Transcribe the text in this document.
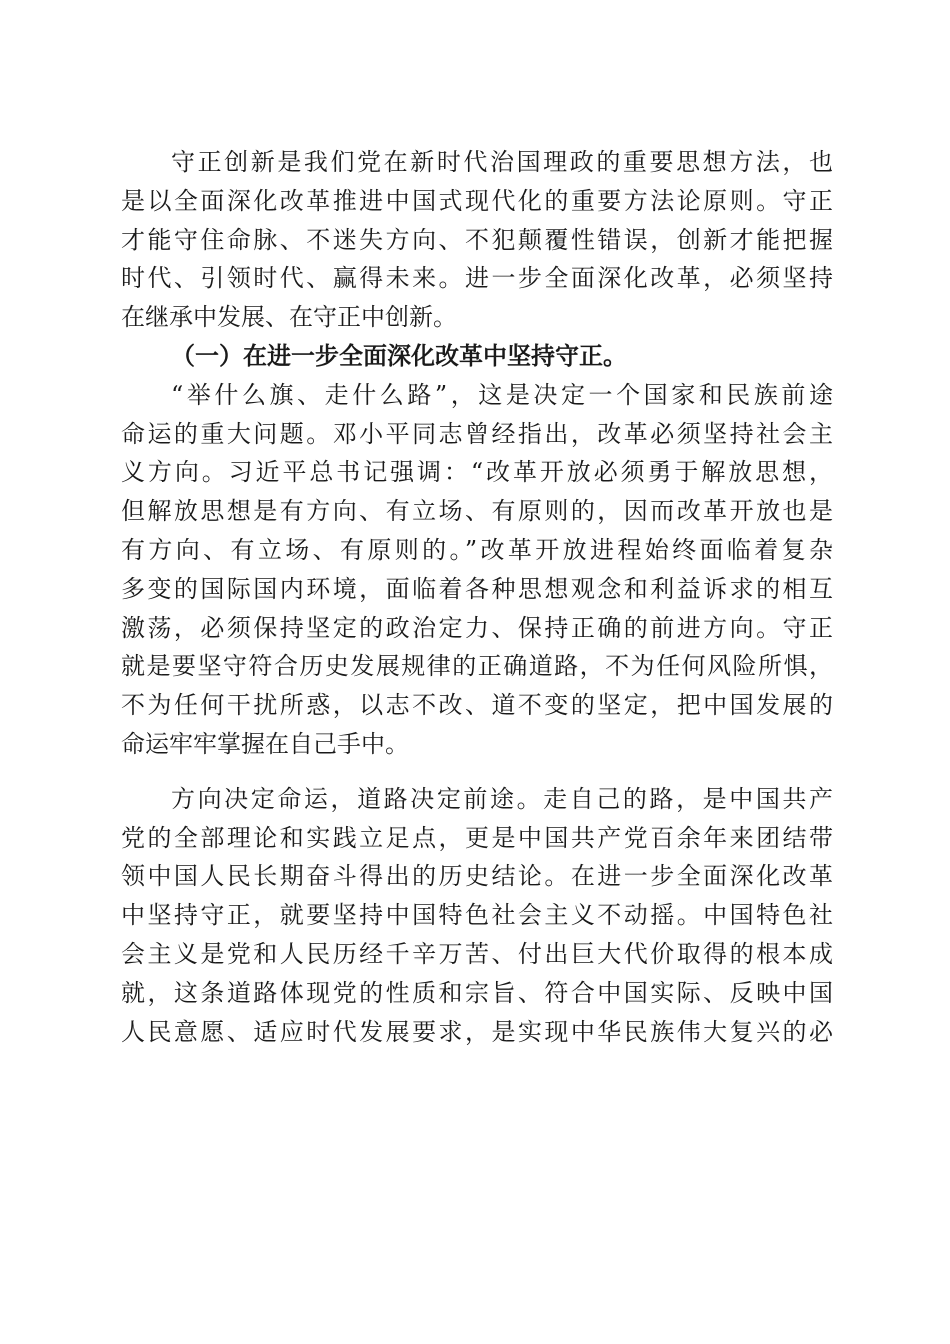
守正创新是我们党在新时代治国理政的重要思想方法，也
是以全面深化改革推进中国式现代化的重要方法论原则。守正
才能守住命脉、不迷失方向、不犯颠覆性错误，创新才能把握
时代、引领时代、赢得未来。进一步全面深化改革，必须坚持
在继承中发展、在守正中创新。
（一）在进一步全面深化改革中坚持守正。
“举什么旗、走什么路”，这是决定一个国家和民族前途
命运的重大问题。邓小平同志曾经指出，改革必须坚持社会主
义方向。习近平总书记强调：“改革开放必须勇于解放思想，
但解放思想是有方向、有立场、有原则的，因而改革开放也是
有方向、有立场、有原则的。”改革开放进程始终面临着复杂
多变的国际国内环境，面临着各种思想观念和利益诉求的相互
激荡，必须保持坚定的政治定力、保持正确的前进方向。守正
就是要坚守符合历史发展规律的正确道路，不为任何风险所惧，
不为任何干扰所惑，以志不改、道不变的坚定，把中国发展的
命运牢牢掌握在自己手中。
方向决定命运，道路决定前途。走自己的路，是中国共产
党的全部理论和实践立足点，更是中国共产党百余年来团结带
领中国人民长期奋斗得出的历史结论。在进一步全面深化改革
中坚持守正，就要坚持中国特色社会主义不动摇。中国特色社
会主义是党和人民历经千辛万苦、付出巨大代价取得的根本成
就，这条道路体现党的性质和宗旨、符合中国实际、反映中国
人民意愿、适应时代发展要求，是实现中华民族伟大复兴的必
